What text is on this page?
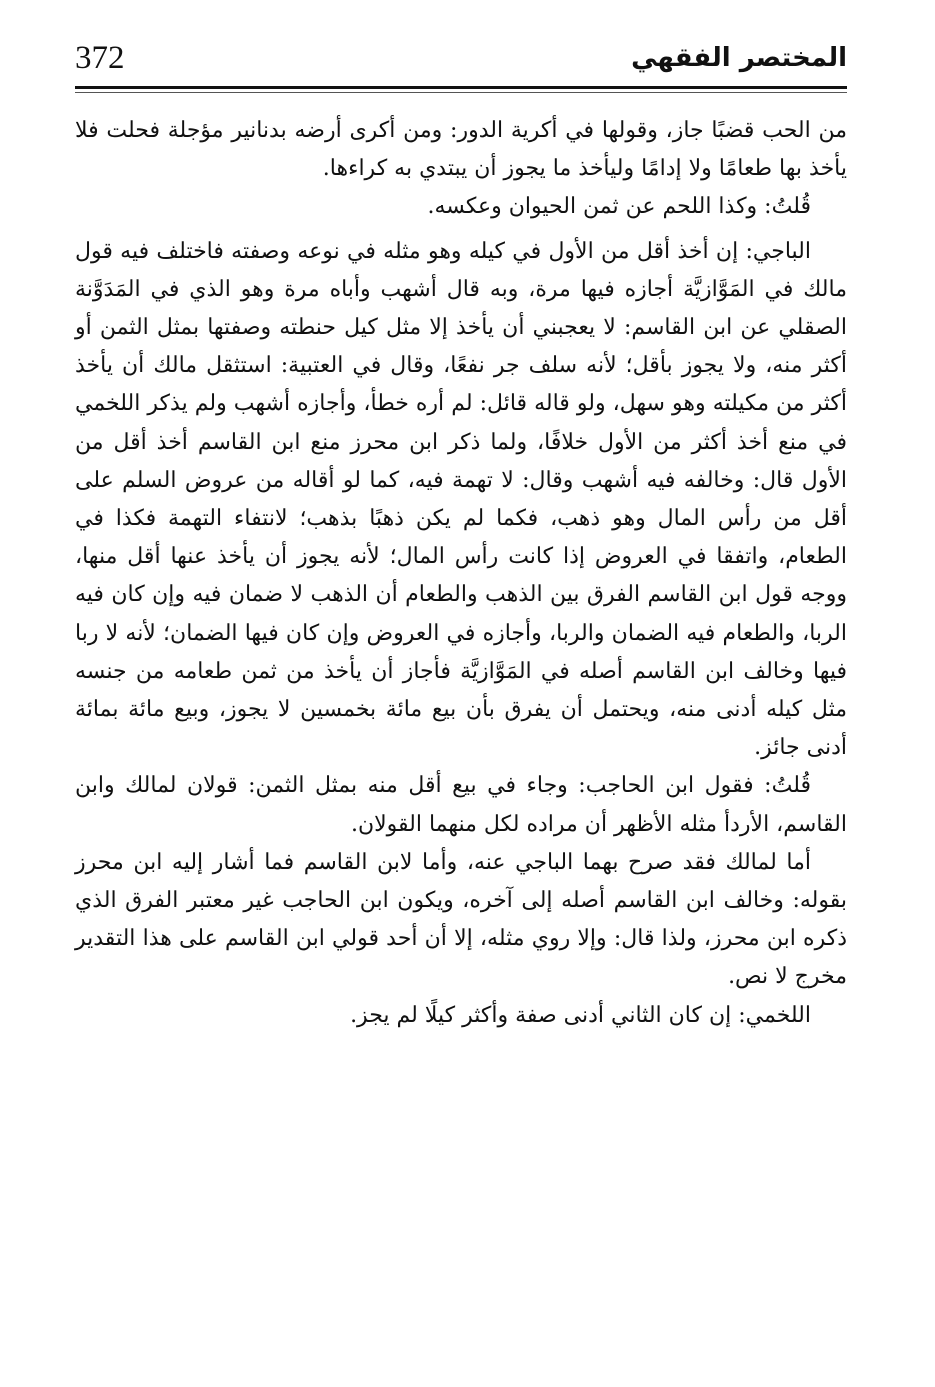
372	المختصر الفقهي

من الحب قضبًا جاز، وقولها في أكرية الدور: ومن أكرى أرضه بدنانير مؤجلة فحلت فلا يأخذ بها طعامًا ولا إدامًا وليأخذ ما يجوز أن يبتدي به كراءها.

قُلتُ: وكذا اللحم عن ثمن الحيوان وعكسه.

الباجي: إن أخذ أقل من الأول في كيله وهو مثله في نوعه وصفته فاختلف فيه قول مالك في المَوَّازيَّة أجازه فيها مرة، وبه قال أشهب وأباه مرة وهو الذي في المَدَوَّنة الصقلي عن ابن القاسم: لا يعجبني أن يأخذ إلا مثل كيل حنطته وصفتها بمثل الثمن أو أكثر منه، ولا يجوز بأقل؛ لأنه سلف جر نفعًا، وقال في العتبية: استثقل مالك أن يأخذ أكثر من مكيلته وهو سهل، ولو قاله قائل: لم أره خطأ، وأجازه أشهب ولم يذكر اللخمي في منع أخذ أكثر من الأول خلافًا، ولما ذكر ابن محرز منع ابن القاسم أخذ أقل من الأول قال: وخالفه فيه أشهب وقال: لا تهمة فيه، كما لو أقاله من عروض السلم على أقل من رأس المال وهو ذهب، فكما لم يكن ذهبًا بذهب؛ لانتفاء التهمة فكذا في الطعام، واتفقا في العروض إذا كانت رأس المال؛ لأنه يجوز أن يأخذ عنها أقل منها، ووجه قول ابن القاسم الفرق بين الذهب والطعام أن الذهب لا ضمان فيه وإن كان فيه الربا، والطعام فيه الضمان والربا، وأجازه في العروض وإن كان فيها الضمان؛ لأنه لا ربا فيها وخالف ابن القاسم أصله في المَوَّازيَّة فأجاز أن يأخذ من ثمن طعامه من جنسه مثل كيله أدنى منه، ويحتمل أن يفرق بأن بيع مائة بخمسين لا يجوز، وبيع مائة بمائة أدنى جائز.

قُلتُ: فقول ابن الحاجب: وجاء في بيع أقل منه بمثل الثمن: قولان لمالك وابن القاسم، الأردأ مثله الأظهر أن مراده لكل منهما القولان.

أما لمالك فقد صرح بهما الباجي عنه، وأما لابن القاسم فما أشار إليه ابن محرز بقوله: وخالف ابن القاسم أصله إلى آخره، ويكون ابن الحاجب غير معتبر الفرق الذي ذكره ابن محرز، ولذا قال: وإلا روي مثله، إلا أن أحد قولي ابن القاسم على هذا التقدير مخرج لا نص.

اللخمي: إن كان الثاني أدنى صفة وأكثر كيلًا لم يجز.
